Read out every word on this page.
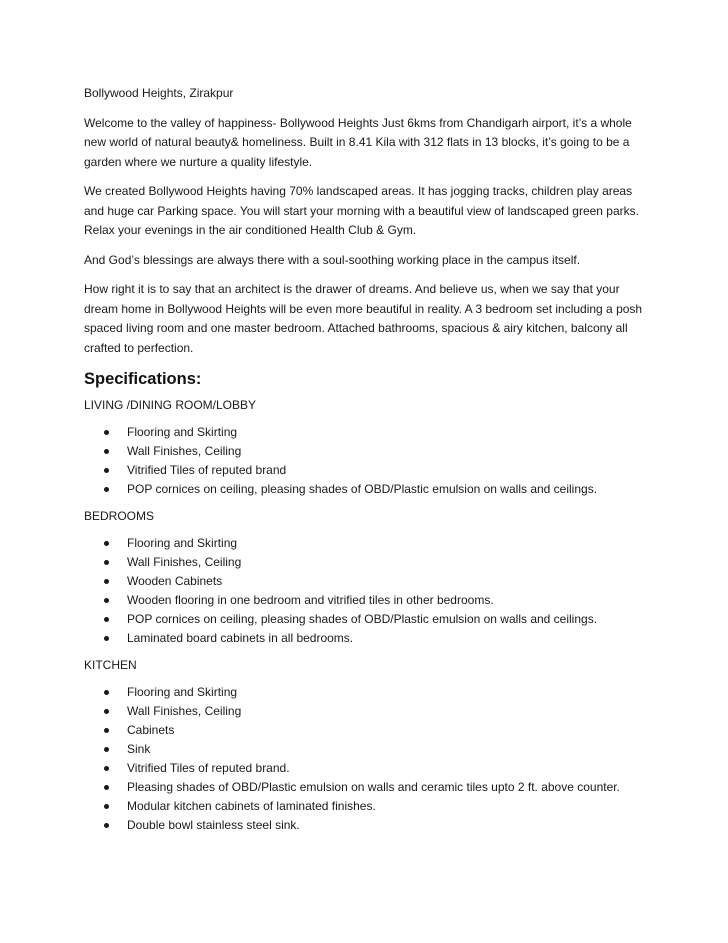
Bollywood Heights, Zirakpur

Welcome to the valley of happiness- Bollywood Heights Just 6kms from Chandigarh airport, it’s a whole new world of natural beauty& homeliness. Built in 8.41 Kila with 312 flats in 13 blocks, it’s going to be a garden where we nurture a quality lifestyle.

We created Bollywood Heights having 70% landscaped areas. It has jogging tracks, children play areas and huge car Parking space. You will start your morning with a beautiful view of landscaped green parks. Relax your evenings in the air conditioned Health Club & Gym.

And God’s blessings are always there with a soul-soothing working place in the campus itself.

How right it is to say that an architect is the drawer of dreams. And believe us, when we say that your dream home in Bollywood Heights will be even more beautiful in reality. A 3 bedroom set including a posh spaced living room and one master bedroom. Attached bathrooms, spacious & airy kitchen, balcony all crafted to perfection.

Specifications:
LIVING /DINING ROOM/LOBBY
Flooring and Skirting
Wall Finishes, Ceiling
Vitrified Tiles of reputed brand
POP cornices on ceiling, pleasing shades of OBD/Plastic emulsion on walls and ceilings.
BEDROOMS
Flooring and Skirting
Wall Finishes, Ceiling
Wooden Cabinets
Wooden flooring in one bedroom and vitrified tiles in other bedrooms.
POP cornices on ceiling, pleasing shades of OBD/Plastic emulsion on walls and ceilings.
Laminated board cabinets in all bedrooms.
KITCHEN
Flooring and Skirting
Wall Finishes, Ceiling
Cabinets
Sink
Vitrified Tiles of reputed brand.
Pleasing shades of OBD/Plastic emulsion on walls and ceramic tiles upto 2 ft. above counter.
Modular kitchen cabinets of laminated finishes.
Double bowl stainless steel sink.
